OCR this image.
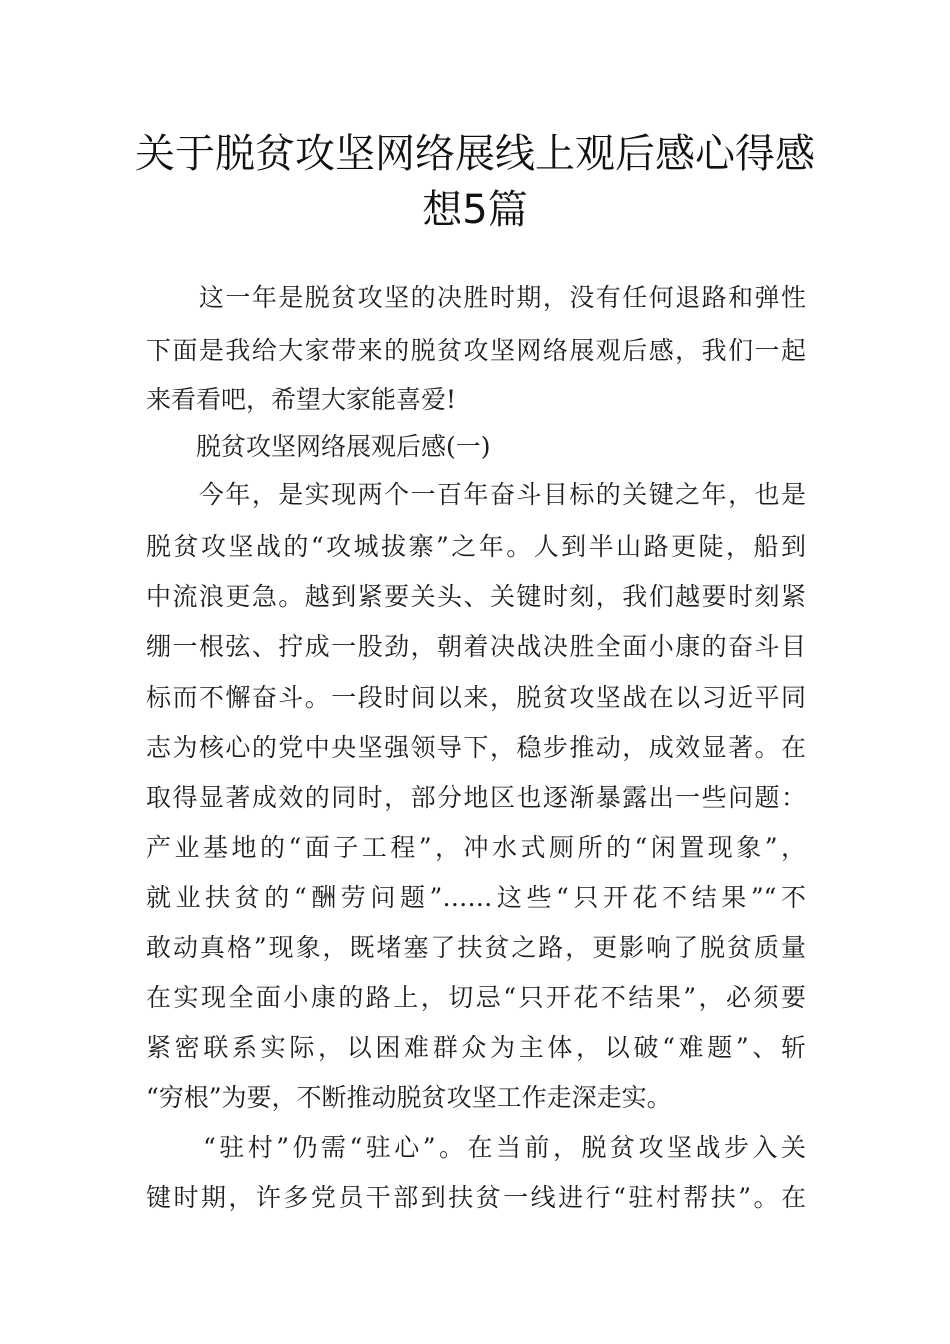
关于脱贫攻坚网络展线上观后感心得感
想5篇
　　这一年是脱贫攻坚的决胜时期，没有任何退路和弹性
下面是我给大家带来的脱贫攻坚网络展观后感，我们一起
来看看吧，希望大家能喜爱!
　　脱贫攻坚网络展观后感(一)
　　今年，是实现两个一百年奋斗目标的关键之年，也是
脱贫攻坚战的“攻城拔寨”之年。人到半山路更陡，船到
中流浪更急。越到紧要关头、关键时刻，我们越要时刻紧
绷一根弦、拧成一股劲，朝着决战决胜全面小康的奋斗目
标而不懈奋斗。一段时间以来，脱贫攻坚战在以习近平同
志为核心的党中央坚强领导下，稳步推动，成效显著。在
取得显著成效的同时，部分地区也逐渐暴露出一些问题：
产业基地的“面子工程”，冲水式厕所的“闲置现象”，
就业扶贫的“酬劳问题”……这些“只开花不结果”“不
敢动真格”现象，既堵塞了扶贫之路，更影响了脱贫质量
在实现全面小康的路上，切忌“只开花不结果”，必须要
紧密联系实际，以困难群众为主体，以破“难题”、斩
“穷根”为要，不断推动脱贫攻坚工作走深走实。
　　“驻村”仍需“驻心”。在当前，脱贫攻坚战步入关
键时期，许多党员干部到扶贫一线进行“驻村帮扶”。在
